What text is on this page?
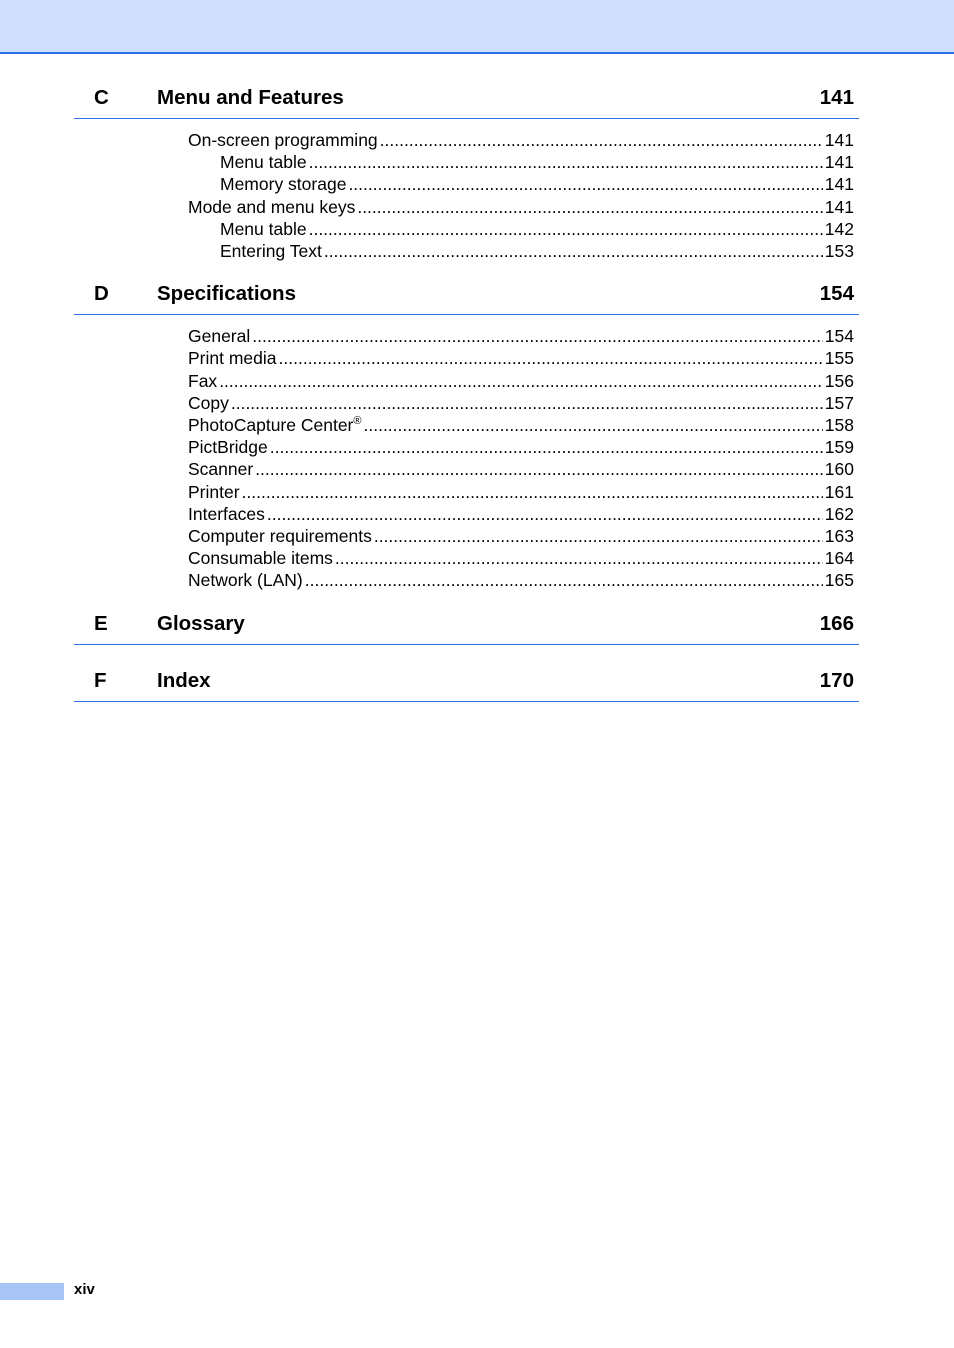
C	Menu and Features	141
On-screen programming .....	141
Menu table .....	141
Memory storage .....	141
Mode and menu keys .....	141
Menu table .....	142
Entering Text .....	153
D	Specifications	154
General .....	154
Print media .....	155
Fax .....	156
Copy .....	157
PhotoCapture Center® .....	158
PictBridge .....	159
Scanner .....	160
Printer .....	161
Interfaces .....	162
Computer requirements .....	163
Consumable items .....	164
Network (LAN) .....	165
E	Glossary	166
F	Index	170
xiv
